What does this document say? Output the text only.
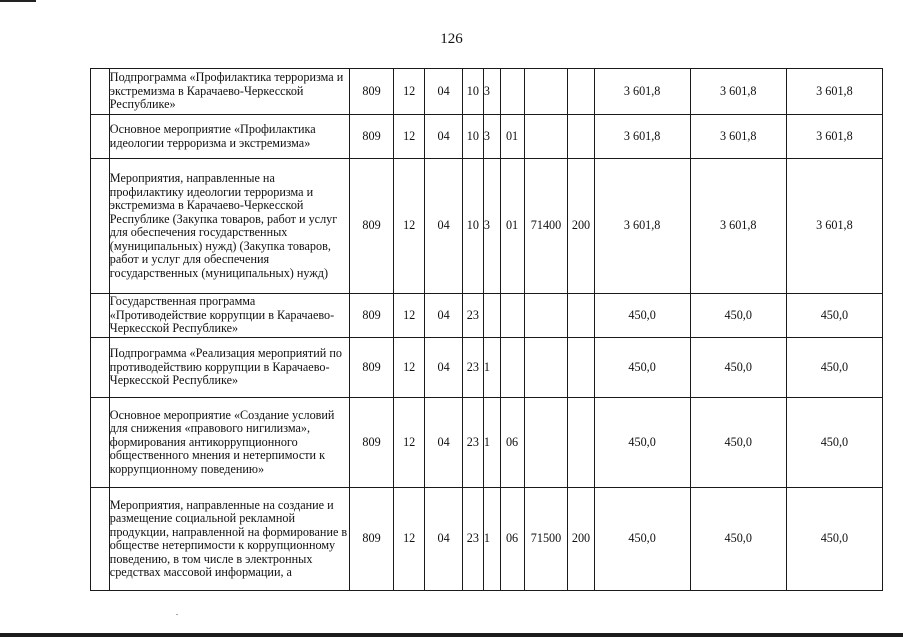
126
	Подпрограмма «Профилактика терроризма и экстремизма в Карачаево-Черкесской Республике»	809	12	04	10	3				3 601,8	3 601,8	3 601,8
	Основное мероприятие «Профилактика идеологии терроризма и экстремизма»	809	12	04	10	3	01			3 601,8	3 601,8	3 601,8
	Мероприятия, направленные на профилактику идеологии терроризма и экстремизма в Карачаево-Черкесской Республике (Закупка товаров, работ и услуг для обеспечения государственных (муниципальных) нужд) (Закупка товаров, работ и услуг для обеспечения государственных (муниципальных) нужд)	809	12	04	10	3	01	71400	200	3 601,8	3 601,8	3 601,8
	Государственная программа «Противодействие коррупции в Карачаево-Черкесской Республике»	809	12	04	23					450,0	450,0	450,0
	Подпрограмма «Реализация мероприятий по противодействию коррупции в Карачаево-Черкесской Республике»	809	12	04	23	1				450,0	450,0	450,0
	Основное мероприятие «Создание условий для снижения «правового нигилизма», формирования антикоррупционного общественного мнения и нетерпимости к коррупционному поведению»	809	12	04	23	1	06			450,0	450,0	450,0
	Мероприятия, направленные на создание и размещение социальной рекламной продукции, направленной на формирование в обществе нетерпимости к коррупционному поведению, в том числе в электронных средствах массовой информации, а	809	12	04	23	1	06	71500	200	450,0	450,0	450,0
